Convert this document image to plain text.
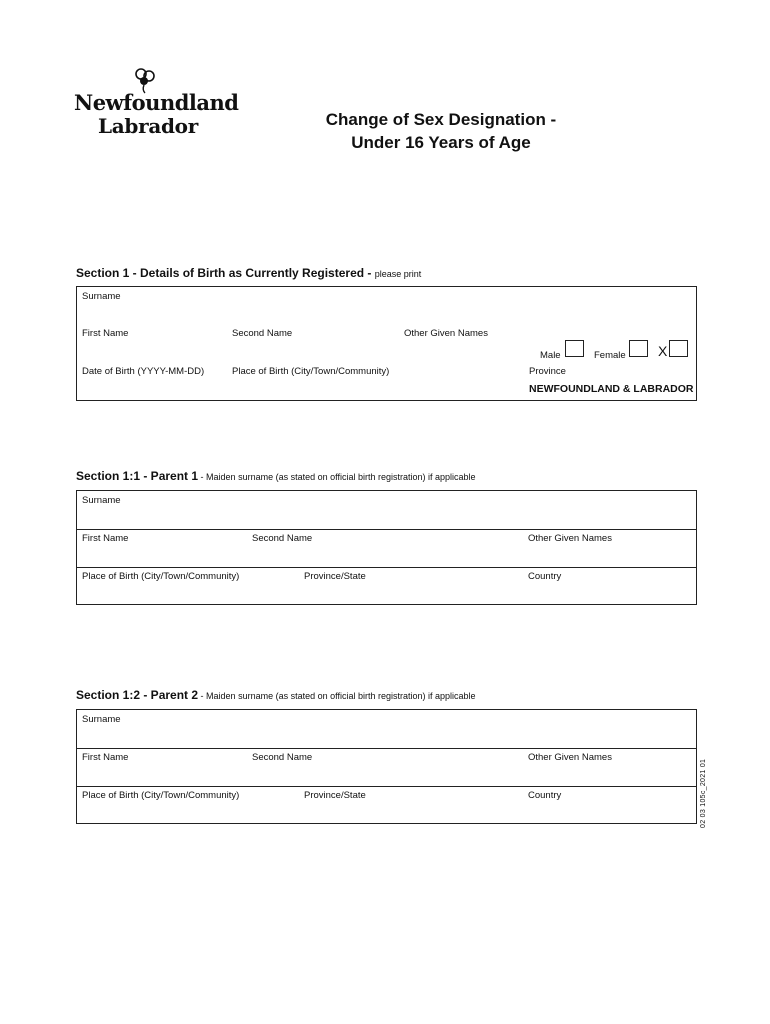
Newfoundland
Labrador	Change of Sex Designation -
Under 16 Years of Age
Section 1 - Details of Birth as Currently Registered - please print
Surname
First Name	Second Name	Other Given Names
Male	Female X
Date of Birth (YYYY-MM-DD)	Place of Birth (City/Town/Community)	Province
NEWFOUNDLAND & LABRADOR
Section 1:1 - Parent 1 - Maiden surname (as stated on official birth registration) if applicable
Surname
First Name	Second Name	Other Given Names
Place of Birth (City/Town/Community)	Province/State	Country
Section 1:2 - Parent 2 - Maiden surname (as stated on official birth registration) if applicable
Surname
First Name	Second Name	Other Given Names
Place of Birth (City/Town/Community)	Province/State	Country	02 03 105c_2021 01
